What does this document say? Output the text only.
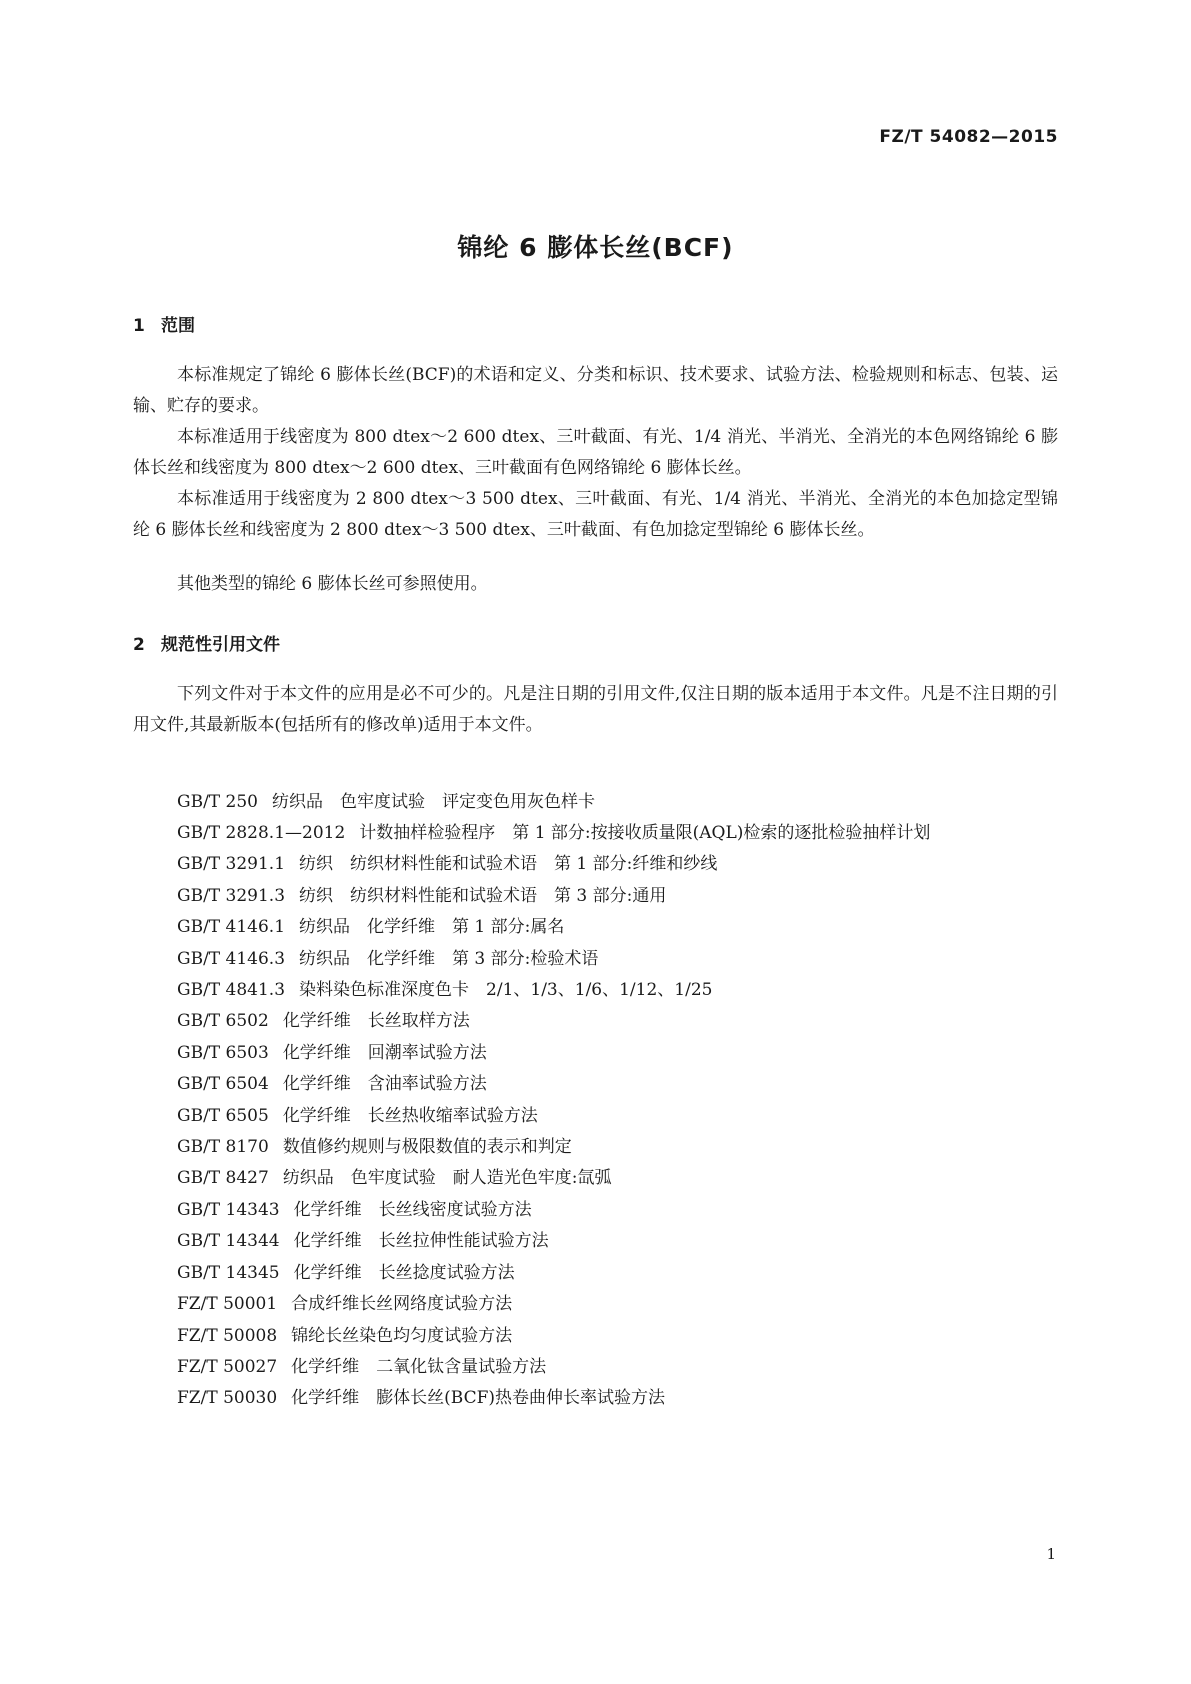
FZ/T 54082—2015
锦纶 6 膨体长丝(BCF)
1 范围

本标准规定了锦纶 6 膨体长丝(BCF)的术语和定义、分类和标识、技术要求、试验方法、检验规则和标志、包装、运输、贮存的要求。

本标准适用于线密度为 800 dtex～2 600 dtex、三叶截面、有光、1/4 消光、半消光、全消光的本色网络锦纶 6 膨体长丝和线密度为 800 dtex～2 600 dtex、三叶截面有色网络锦纶 6 膨体长丝。

本标准适用于线密度为 2 800 dtex～3 500 dtex、三叶截面、有光、1/4 消光、半消光、全消光的本色加捻定型锦纶 6 膨体长丝和线密度为 2 800 dtex～3 500 dtex、三叶截面、有色加捻定型锦纶 6 膨体长丝。

其他类型的锦纶 6 膨体长丝可参照使用。

2 规范性引用文件

下列文件对于本文件的应用是必不可少的。凡是注日期的引用文件,仅注日期的版本适用于本文件。凡是不注日期的引用文件,其最新版本(包括所有的修改单)适用于本文件。

GB/T 250 纺织品　色牢度试验　评定变色用灰色样卡
GB/T 2828.1—2012 计数抽样检验程序　第 1 部分:按接收质量限(AQL)检索的逐批检验抽样计划
GB/T 3291.1 纺织　纺织材料性能和试验术语　第 1 部分:纤维和纱线
GB/T 3291.3 纺织　纺织材料性能和试验术语　第 3 部分:通用
GB/T 4146.1 纺织品　化学纤维　第 1 部分:属名
GB/T 4146.3 纺织品　化学纤维　第 3 部分:检验术语
GB/T 4841.3 染料染色标准深度色卡　2/1、1/3、1/6、1/12、1/25
GB/T 6502 化学纤维　长丝取样方法
GB/T 6503 化学纤维　回潮率试验方法
GB/T 6504 化学纤维　含油率试验方法
GB/T 6505 化学纤维　长丝热收缩率试验方法
GB/T 8170 数值修约规则与极限数值的表示和判定
GB/T 8427 纺织品　色牢度试验　耐人造光色牢度:氙弧
GB/T 14343 化学纤维　长丝线密度试验方法
GB/T 14344 化学纤维　长丝拉伸性能试验方法
GB/T 14345 化学纤维　长丝捻度试验方法
FZ/T 50001 合成纤维长丝网络度试验方法
FZ/T 50008 锦纶长丝染色均匀度试验方法
FZ/T 50027 化学纤维　二氧化钛含量试验方法
FZ/T 50030 化学纤维　膨体长丝(BCF)热卷曲伸长率试验方法
1
